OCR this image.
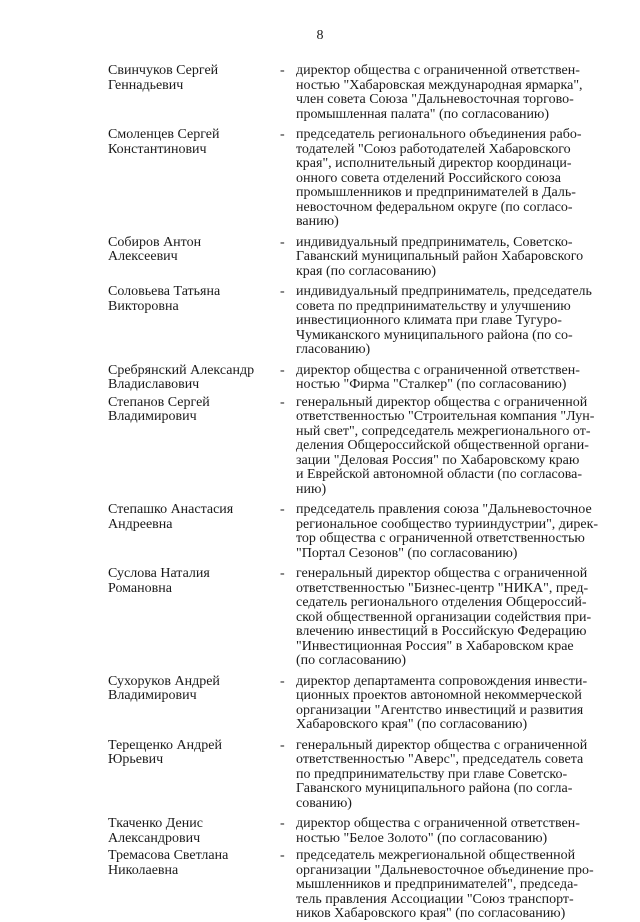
8
Свинчуков Сергей
Геннадьевич
- директор общества с ограниченной ответствен-
ностью "Хабаровская международная ярмарка",
член совета Союза "Дальневосточная торгово-
промышленная палата" (по согласованию)
Смоленцев Сергей
Константинович
- председатель регионального объединения рабо-
тодателей "Союз работодателей Хабаровского
края", исполнительный директор координаци-
онного совета отделений Российского союза
промышленников и предпринимателей в Даль-
невосточном федеральном округе (по согласо-
ванию)
Собиров Антон
Алексеевич
- индивидуальный предприниматель, Советско-
Гаванский муниципальный район Хабаровского
края (по согласованию)
Соловьева Татьяна
Викторовна
- индивидуальный предприниматель, председатель
совета по предпринимательству и улучшению
инвестиционного климата при главе Тугуро-
Чумиканского муниципального района (по со-
гласованию)
Сребрянский Александр
Владиславович
- директор общества с ограниченной ответствен-
ностью "Фирма "Сталкер" (по согласованию)
Степанов Сергей
Владимирович
- генеральный директор общества с ограниченной
ответственностью "Строительная компания "Лун-
ный свет", сопредседатель межрегионального от-
деления Общероссийской общественной органи-
зации "Деловая Россия" по Хабаровскому краю
и Еврейской автономной области (по согласова-
нию)
Степашко Анастасия
Андреевна
- председатель правления союза "Дальневосточное
региональное сообщество турииндустрии", дирек-
тор общества с ограниченной ответственностью
"Портал Сезонов" (по согласованию)
Суслова Наталия
Романовна
- генеральный директор общества с ограниченной
ответственностью "Бизнес-центр "НИКА", пред-
седатель регионального отделения Общероссий-
ской общественной организации содействия при-
влечению инвестиций в Российскую Федерацию
"Инвестиционная Россия" в Хабаровском крае
(по согласованию)
Сухоруков Андрей
Владимирович
- директор департамента сопровождения инвести-
ционных проектов автономной некоммерческой
организации "Агентство инвестиций и развития
Хабаровского края" (по согласованию)
Терещенко Андрей
Юрьевич
- генеральный директор общества с ограниченной
ответственностью "Аверс", председатель совета
по предпринимательству при главе Советско-
Гаванского муниципального района (по согла-
сованию)
Ткаченко Денис
Александрович
- директор общества с ограниченной ответствен-
ностью "Белое Золото" (по согласованию)
Тремасова Светлана
Николаевна
- председатель межрегиональной общественной
организации "Дальневосточное объединение про-
мышленников и предпринимателей", председа-
тель правления Ассоциации "Союз транспорт-
ников Хабаровского края" (по согласованию)
